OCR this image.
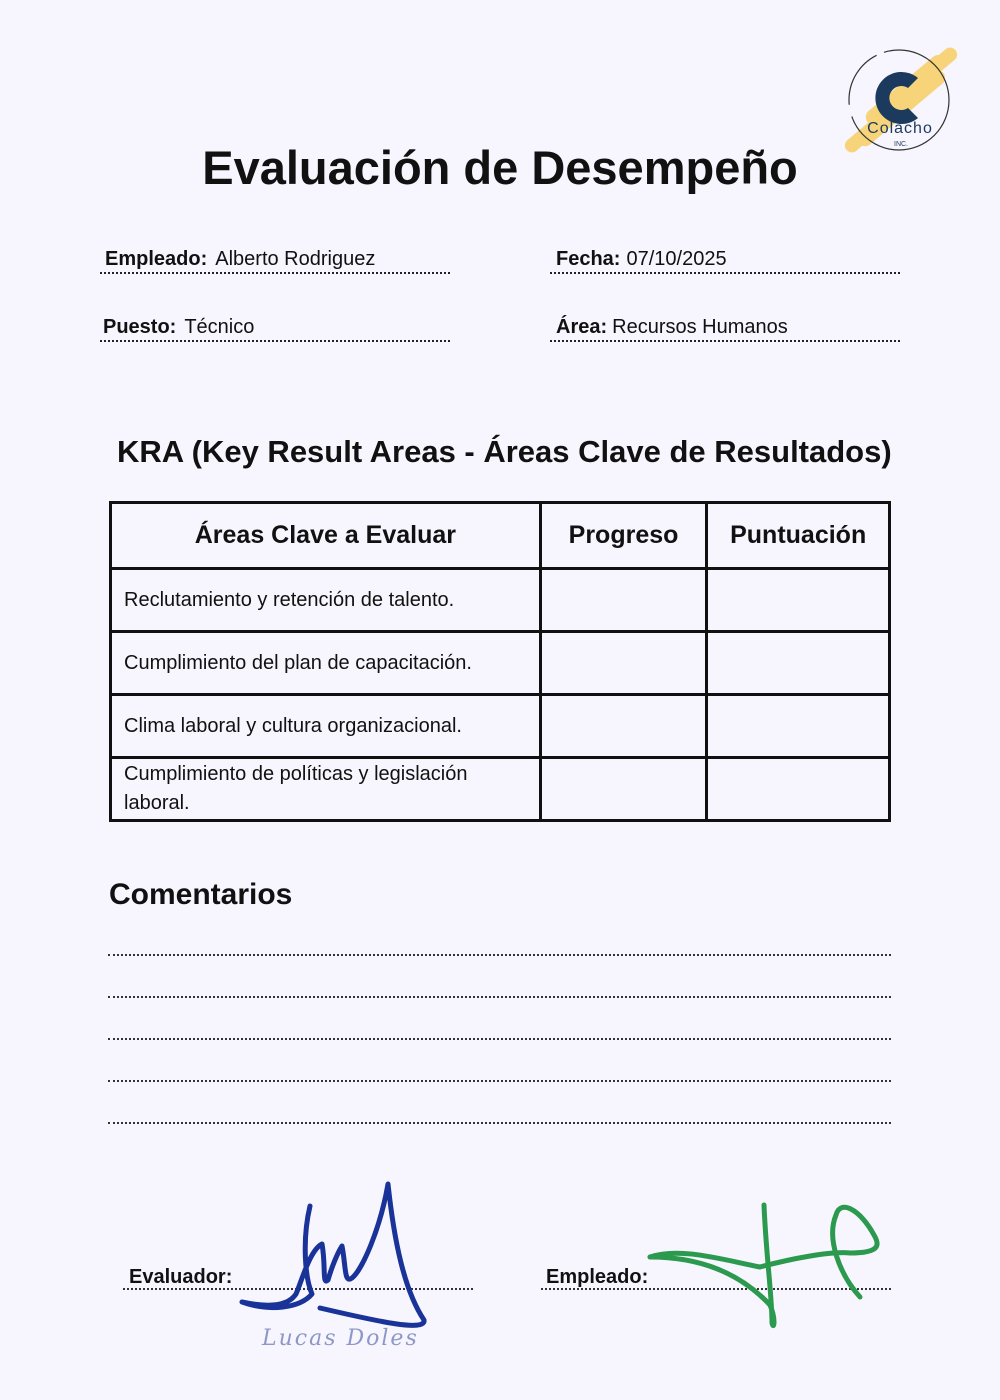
Colacho
INC.
Evaluación de Desempeño
Empleado: Alberto Rodriguez	Fecha: 07/10/2025
Puesto: Técnico	Área: Recursos Humanos
KRA (Key Result Areas - Áreas Clave de Resultados)
Áreas Clave a Evaluar	Progreso	Puntuación
Reclutamiento y retención de talento.		
Cumplimiento del plan de capacitación.		
Clima laboral y cultura organizacional.		
Cumplimiento de políticas y legislación laboral.		
Comentarios
Evaluador:
Lucas Doles
Empleado:
